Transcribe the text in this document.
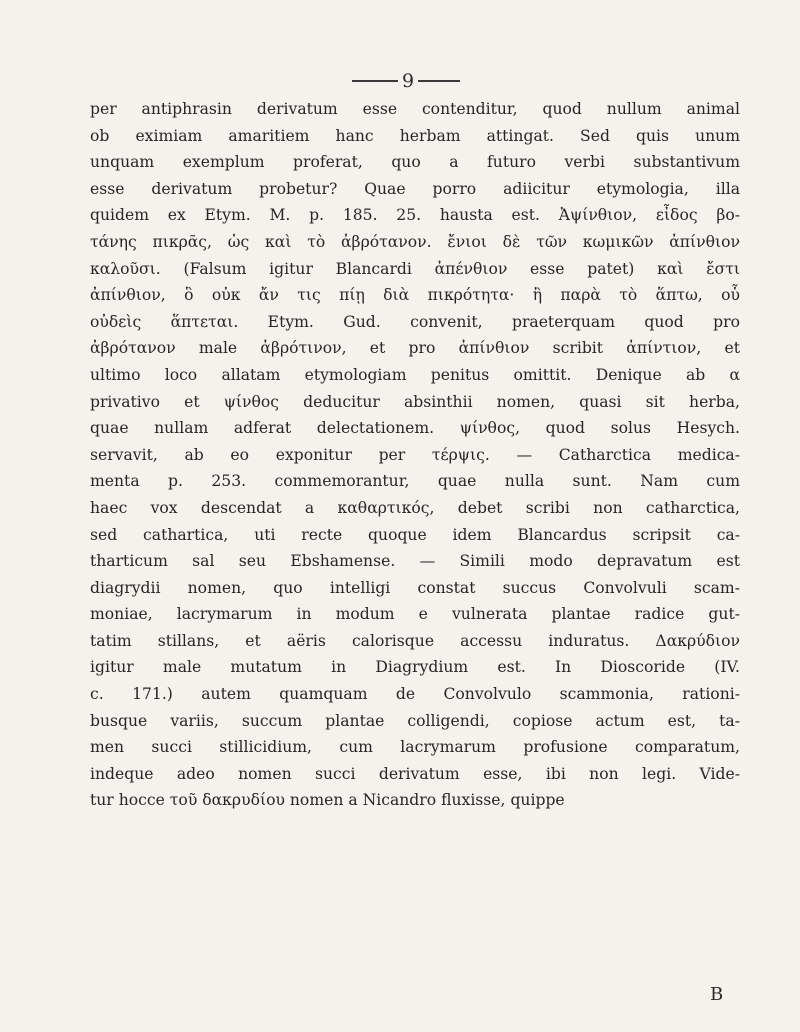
9
per antiphrasin derivatum esse contenditur, quod nullum animal
ob eximiam amaritiem hanc herbam attingat. Sed quis unum
unquam exemplum proferat, quo a futuro verbi substantivum
esse derivatum probetur? Quae porro adiicitur etymologia, illa
quidem ex Etym. M. p. 185. 25. hausta est. Ἀψίνθιον, εἶδος βο-
τάνης πικρᾶς, ὡς καὶ τὸ ἀβρότανον. ἔνιοι δὲ τῶν κωμικῶν ἀπίνθιον
καλοῦσι. (Falsum igitur Blancardi ἀπένθιον esse patet) καὶ ἔστι
ἀπίνθιον, ὃ οὐκ ἄν τις πίῃ διὰ πικρότητα· ἢ παρὰ τὸ ἅπτω, οὗ
οὐδεὶς ἅπτεται. Etym. Gud. convenit, praeterquam quod pro
ἀβρότανον male ἀβρότινον, et pro ἀπίνθιον scribit ἀπίντιον, et
ultimo loco allatam etymologiam penitus omittit. Denique ab α
privativo et ψίνθος deducitur absinthii nomen, quasi sit herba,
quae nullam adferat delectationem. ψίνθος, quod solus Hesych.
servavit, ab eo exponitur per τέρψις. — Catharctica medica-
menta p. 253. commemorantur, quae nulla sunt. Nam cum
haec vox descendat a καθαρτικός, debet scribi non catharctica,
sed cathartica, uti recte quoque idem Blancardus scripsit ca-
tharticum sal seu Ebshamense. — Simili modo depravatum est
diagrydii nomen, quo intelligi constat succus Convolvuli scam-
moniae, lacrymarum in modum e vulnerata plantae radice gut-
tatim stillans, et aëris calorisque accessu induratus. Δακρύδιον
igitur male mutatum in Diagrydium est. In Dioscoride (IV.
c. 171.) autem quamquam de Convolvulo scammonia, rationi-
busque variis, succum plantae colligendi, copiose actum est, ta-
men succi stillicidium, cum lacrymarum profusione comparatum,
indeque adeo nomen succi derivatum esse, ibi non legi. Vide-
tur hocce τοῦ δακρυδίου nomen a Nicandro fluxisse, quippe
B
